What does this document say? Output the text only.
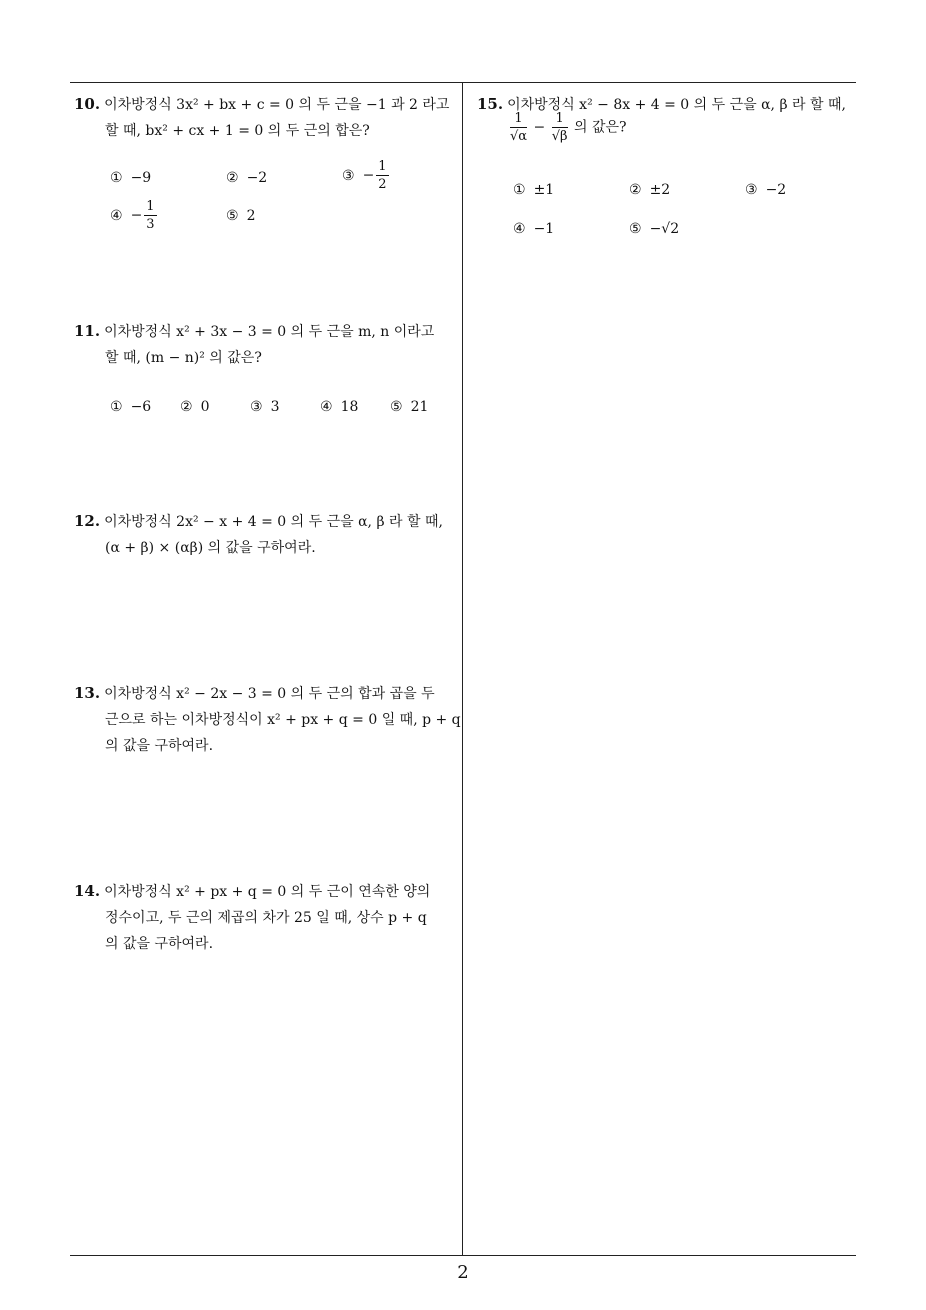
10. 이차방정식 3x² + bx + c = 0 의 두 근을 −1 과 2 라고
할 때, bx² + cx + 1 = 0 의 두 근의 합은?
① −9	② −2	③ − $\frac{1}{2}$
④ − $\frac{1}{3}$	⑤ 2
11. 이차방정식 x² + 3x − 3 = 0 의 두 근을 m, n 이라고
할 때, (m − n)² 의 값은?
① −6 ② 0	③ 3	④ 18 ⑤ 21
12. 이차방정식 2x² − x + 4 = 0 의 두 근을 α, β 라 할 때,
(α + β) × (αβ) 의 값을 구하여라.
13. 이차방정식 x² − 2x − 3 = 0 의 두 근의 합과 곱을 두
근으로 하는 이차방정식이 x² + px + q = 0 일 때, p + q
의 값을 구하여라.
14. 이차방정식 x² + px + q = 0 의 두 근이 연속한 양의
정수이고, 두 근의 제곱의 차가 25 일 때, 상수 p + q
의 값을 구하여라.
15. 이차방정식 x² − 8x + 4 = 0 의 두 근을 α, β 라 할 때,
$\frac{1}{√\alpha} - \frac{1}{√\beta}$ 의 값은?
① ±1	② ±2	③ −2
④ −1	⑤ −√2
2
